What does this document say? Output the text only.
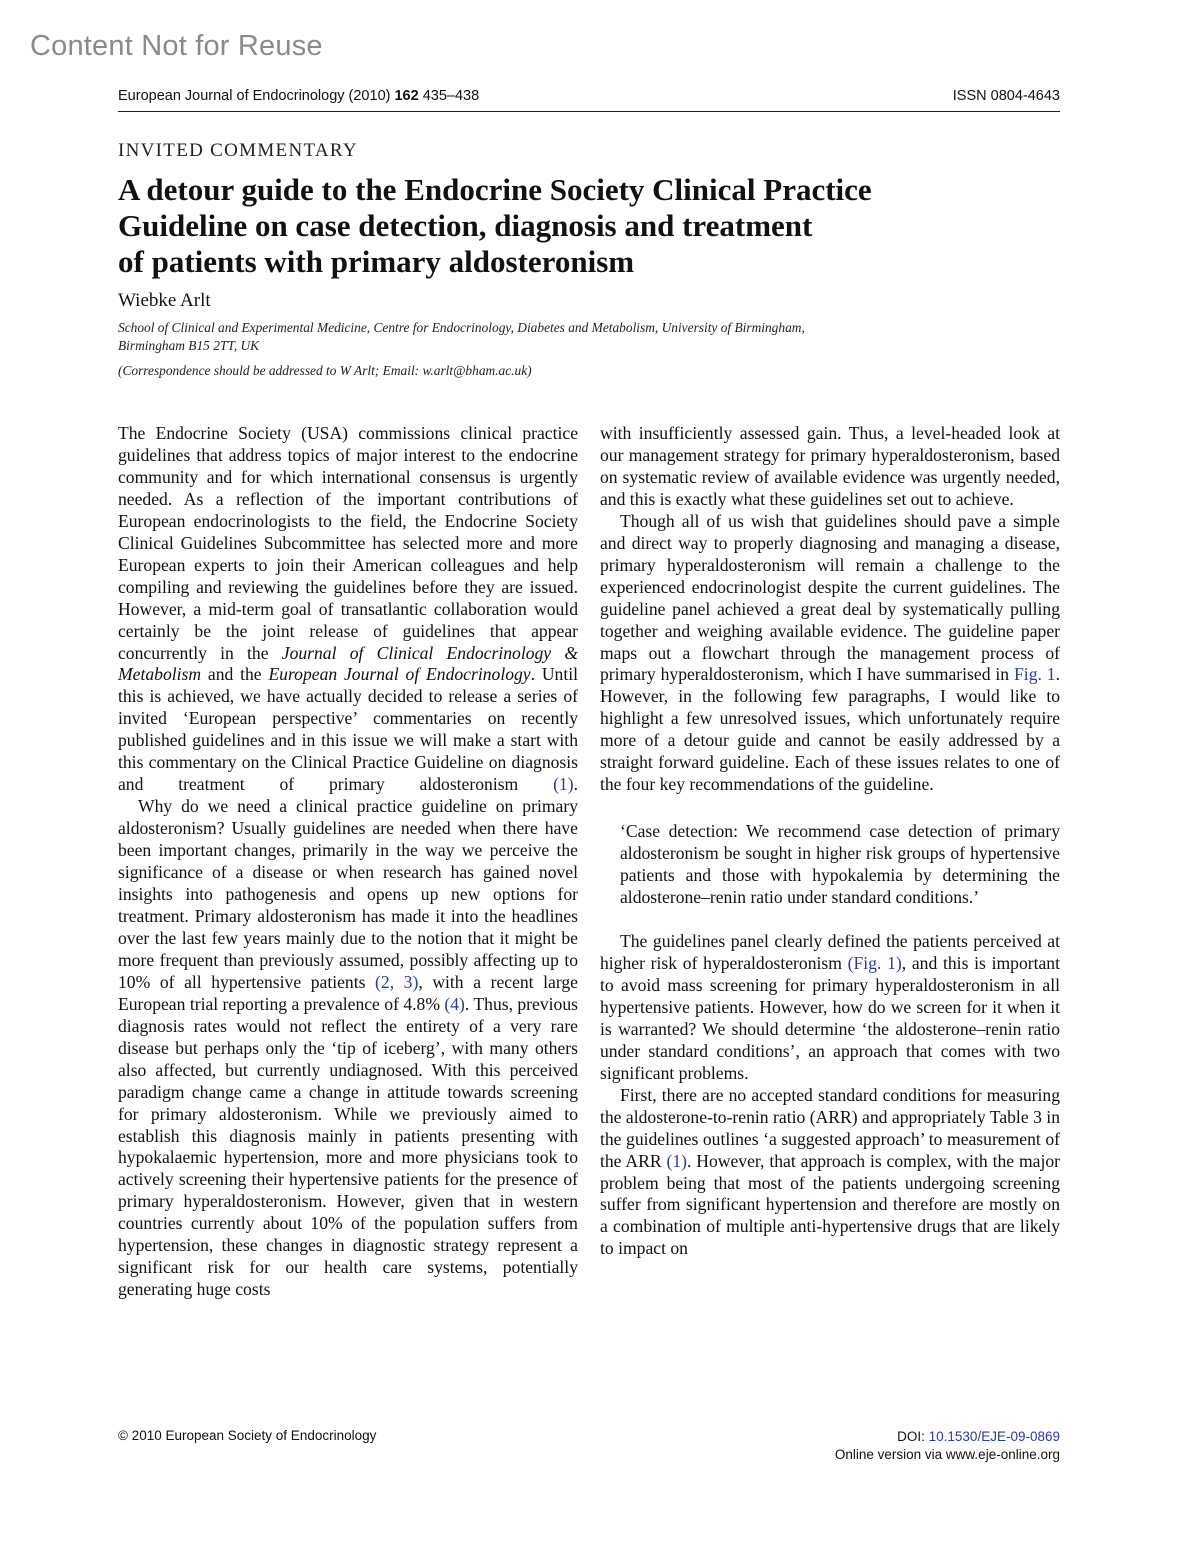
Content Not for Reuse
European Journal of Endocrinology (2010) 162 435–438	ISSN 0804-4643
INVITED COMMENTARY
A detour guide to the Endocrine Society Clinical Practice
Guideline on case detection, diagnosis and treatment
of patients with primary aldosteronism
Wiebke Arlt
School of Clinical and Experimental Medicine, Centre for Endocrinology, Diabetes and Metabolism, University of Birmingham,
Birmingham B15 2TT, UK
(Correspondence should be addressed to W Arlt; Email: w.arlt@bham.ac.uk)

The Endocrine Society (USA) commissions clinical practice guidelines that address topics of major interest to the endocrine community and for which international consensus is urgently needed. As a reflection of the important contributions of European endocrinologists to the field, the Endocrine Society Clinical Guidelines Subcommittee has selected more and more European experts to join their American colleagues and help compiling and reviewing the guidelines before they are issued. However, a mid-term goal of transatlantic collaboration would certainly be the joint release of guidelines that appear concurrently in the Journal of Clinical Endocrinology & Metabolism and the European Journal of Endocrinology. Until this is achieved, we have actually decided to release a series of invited ‘European perspective’ commentaries on recently published guidelines and in this issue we will make a start with this commentary on the Clinical Practice Guideline on diagnosis and treatment of primary aldosteronism (1).

Why do we need a clinical practice guideline on primary aldosteronism? Usually guidelines are needed when there have been important changes, primarily in the way we perceive the significance of a disease or when research has gained novel insights into pathogenesis and opens up new options for treatment. Primary aldosteronism has made it into the headlines over the last few years mainly due to the notion that it might be more frequent than previously assumed, possibly affecting up to 10% of all hypertensive patients (2, 3), with a recent large European trial reporting a prevalence of 4.8% (4). Thus, previous diagnosis rates would not reflect the entirety of a very rare disease but perhaps only the ‘tip of iceberg’, with many others also affected, but currently undiagnosed. With this perceived paradigm change came a change in attitude towards screening for primary aldosteronism. While we previously aimed to establish this diagnosis mainly in patients presenting with hypokalaemic hypertension, more and more physicians took to actively screening their hypertensive patients for the presence of primary hyperaldosteronism. However, given that in western countries currently about 10% of the population suffers from hypertension, these changes in diagnostic strategy represent a significant risk for our health care systems, potentially generating huge costs

with insufficiently assessed gain. Thus, a level-headed look at our management strategy for primary hyperaldosteronism, based on systematic review of available evidence was urgently needed, and this is exactly what these guidelines set out to achieve.

Though all of us wish that guidelines should pave a simple and direct way to properly diagnosing and managing a disease, primary hyperaldosteronism will remain a challenge to the experienced endocrinologist despite the current guidelines. The guideline panel achieved a great deal by systematically pulling together and weighing available evidence. The guideline paper maps out a flowchart through the management process of primary hyperaldosteronism, which I have summarised in Fig. 1. However, in the following few paragraphs, I would like to highlight a few unresolved issues, which unfortunately require more of a detour guide and cannot be easily addressed by a straight forward guideline. Each of these issues relates to one of the four key recommendations of the guideline.

‘Case detection: We recommend case detection of primary aldosteronism be sought in higher risk groups of hypertensive patients and those with hypokalemia by determining the aldosterone–renin ratio under standard conditions.’

The guidelines panel clearly defined the patients perceived at higher risk of hyperaldosteronism (Fig. 1), and this is important to avoid mass screening for primary hyperaldosteronism in all hypertensive patients. However, how do we screen for it when it is warranted? We should determine ‘the aldosterone–renin ratio under standard conditions’, an approach that comes with two significant problems.

First, there are no accepted standard conditions for measuring the aldosterone-to-renin ratio (ARR) and appropriately Table 3 in the guidelines outlines ‘a suggested approach’ to measurement of the ARR (1). However, that approach is complex, with the major problem being that most of the patients undergoing screening suffer from significant hypertension and therefore are mostly on a combination of multiple anti-hypertensive drugs that are likely to impact on

© 2010 European Society of Endocrinology	DOI: 10.1530/EJE-09-0869
Online version via www.eje-online.org
